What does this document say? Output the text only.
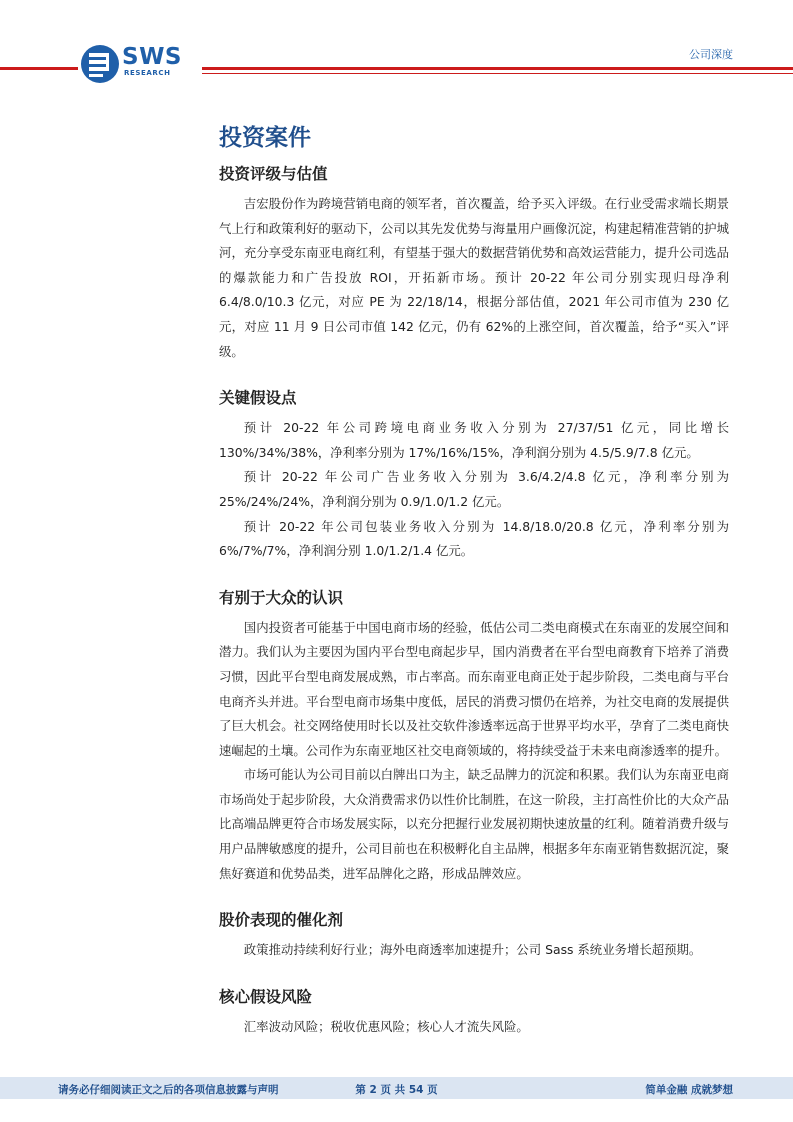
SWS
RESEARCH
公司深度
投资案件
投资评级与估值

吉宏股份作为跨境营销电商的领军者，首次覆盖，给予买入评级。在行业受需求端长期景气上行和政策利好的驱动下，公司以其先发优势与海量用户画像沉淀，构建起精准营销的护城河，充分享受东南亚电商红利，有望基于强大的数据营销优势和高效运营能力，提升公司选品的爆款能力和广告投放 ROI，开拓新市场。预计 20-22 年公司分别实现归母净利 6.4/8.0/10.3 亿元，对应 PE 为 22/18/14，根据分部估值，2021 年公司市值为 230 亿元，对应 11 月 9 日公司市值 142 亿元，仍有 62%的上涨空间，首次覆盖，给予“买入”评级。

关键假设点

预计 20-22 年公司跨境电商业务收入分别为 27/37/51 亿元，同比增长130%/34%/38%，净利率分别为 17%/16%/15%，净利润分别为 4.5/5.9/7.8 亿元。

预计 20-22 年公司广告业务收入分别为 3.6/4.2/4.8 亿元，净利率分别为25%/24%/24%，净利润分别为 0.9/1.0/1.2 亿元。

预计 20-22 年公司包装业务收入分别为 14.8/18.0/20.8 亿元，净利率分别为6%/7%/7%，净利润分别 1.0/1.2/1.4 亿元。

有别于大众的认识

国内投资者可能基于中国电商市场的经验，低估公司二类电商模式在东南亚的发展空间和潜力。我们认为主要因为国内平台型电商起步早，国内消费者在平台型电商教育下培养了消费习惯，因此平台型电商发展成熟，市占率高。而东南亚电商正处于起步阶段，二类电商与平台电商齐头并进。平台型电商市场集中度低，居民的消费习惯仍在培养，为社交电商的发展提供了巨大机会。社交网络使用时长以及社交软件渗透率远高于世界平均水平，孕育了二类电商快速崛起的土壤。公司作为东南亚地区社交电商领域的，将持续受益于未来电商渗透率的提升。

市场可能认为公司目前以白牌出口为主，缺乏品牌力的沉淀和积累。我们认为东南亚电商市场尚处于起步阶段，大众消费需求仍以性价比制胜，在这一阶段，主打高性价比的大众产品比高端品牌更符合市场发展实际，以充分把握行业发展初期快速放量的红利。随着消费升级与用户品牌敏感度的提升，公司目前也在积极孵化自主品牌，根据多年东南亚销售数据沉淀，聚焦好赛道和优势品类，进军品牌化之路，形成品牌效应。

股价表现的催化剂

政策推动持续利好行业；海外电商透率加速提升；公司 Sass 系统业务增长超预期。

核心假设风险

汇率波动风险；税收优惠风险；核心人才流失风险。

请务必仔细阅读正文之后的各项信息披露与声明	第 2 页 共 54 页	简单金融 成就梦想
